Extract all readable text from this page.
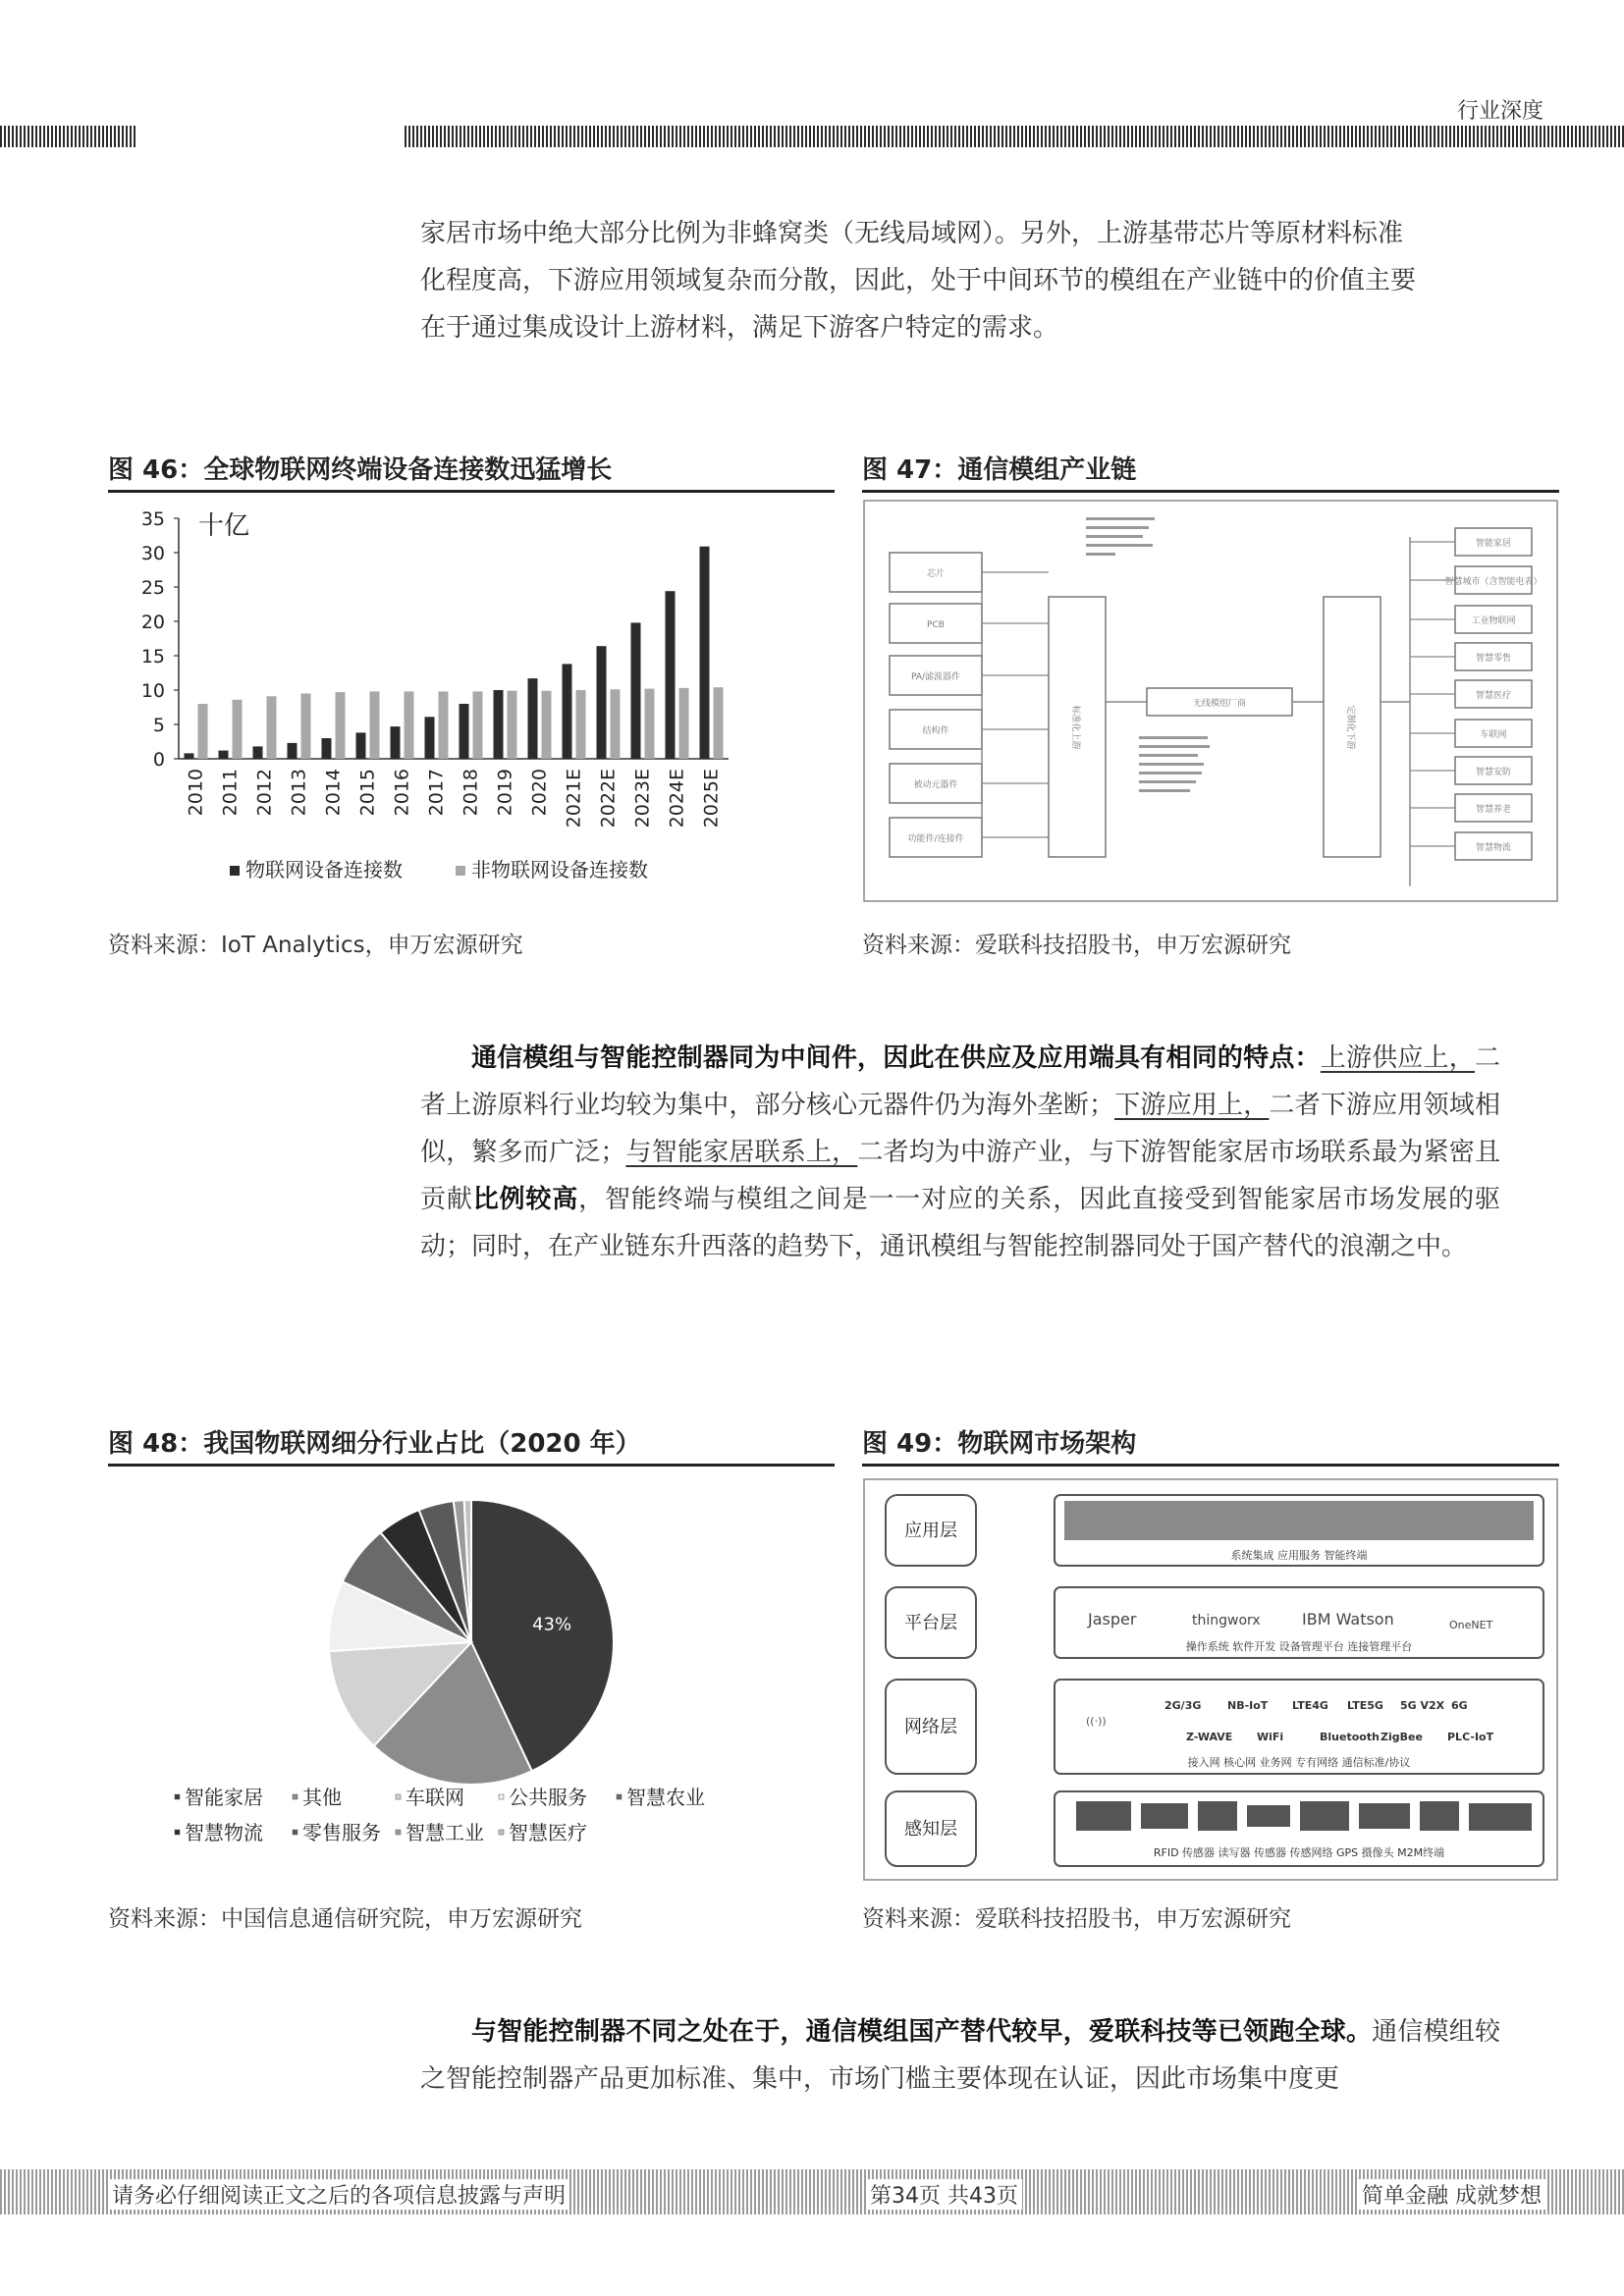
行业深度
家居市场中绝大部分比例为非蜂窝类（无线局域网）。另外，上游基带芯片等原材料标准
化程度高，下游应用领域复杂而分散，因此，处于中间环节的模组在产业链中的价值主要
在于通过集成设计上游材料，满足下游客户特定的需求。
图 46：全球物联网终端设备连接数迅猛增长
十亿
0
5
10
15
20
25
30
35
2010 2011 2012 2013 2014 2015 2016 2017 2018 2019 2020 2021E 2022E 2023E 2024E 2025E
物联网设备连接数	非物联网设备连接数
资料来源：IoT Analytics，申万宏源研究
图 47：通信模组产业链
芯片
PCB
PA/滤波器件
结构件
被动元器件
功能件/连接件
标准化上游
无线模组厂商
定制化下游
智能家居
智慧城市（含智能电表）
工业物联网
智慧零售
智慧医疗
车联网
智慧安防
智慧养老
智慧物流
资料来源：爱联科技招股书，申万宏源研究
通信模组与智能控制器同为中间件，因此在供应及应用端具有相同的特点：上游供应上，二者上游原料行业均较为集中，部分核心元器件仍为海外垄断；下游应用上，二者下游应用领域相似，繁多而广泛；与智能家居联系上，二者均为中游产业，与下游智能家居市场联系最为紧密且贡献比例较高，智能终端与模组之间是一一对应的关系，因此直接受到智能家居市场发展的驱动；同时，在产业链东升西落的趋势下，通讯模组与智能控制器同处于国产替代的浪潮之中。
图 48：我国物联网细分行业占比（2020 年）
43%
智能家居 其他	车联网 公共服务 智慧农业
智慧物流 零售服务 智慧工业 智慧医疗
资料来源：中国信息通信研究院，申万宏源研究
图 49：物联网市场架构
应用层
系统集成 应用服务 智能终端
平台层	Jasper	thingworx	IBM Watson	OneNET
操作系统 软件开发 设备管理平台 连接管理平台
网络层	((·))
2G/3G NB-IoT LTE4G LTE5G 5G V2X 6G
Z-WAVE WiFi	Bluetooth ZigBee PLC-IoT
接入网 核心网 业务网 专有网络 通信标准/协议
感知层
RFID 传感器 读写器 传感器 传感网络 GPS 摄像头 M2M终端
资料来源：爱联科技招股书，申万宏源研究
与智能控制器不同之处在于，通信模组国产替代较早，爱联科技等已领跑全球。通信模组较之智能控制器产品更加标准、集中，市场门槛主要体现在认证，因此市场集中度更
请务必仔细阅读正文之后的各项信息披露与声明	第34页 共43页	简单金融 成就梦想
